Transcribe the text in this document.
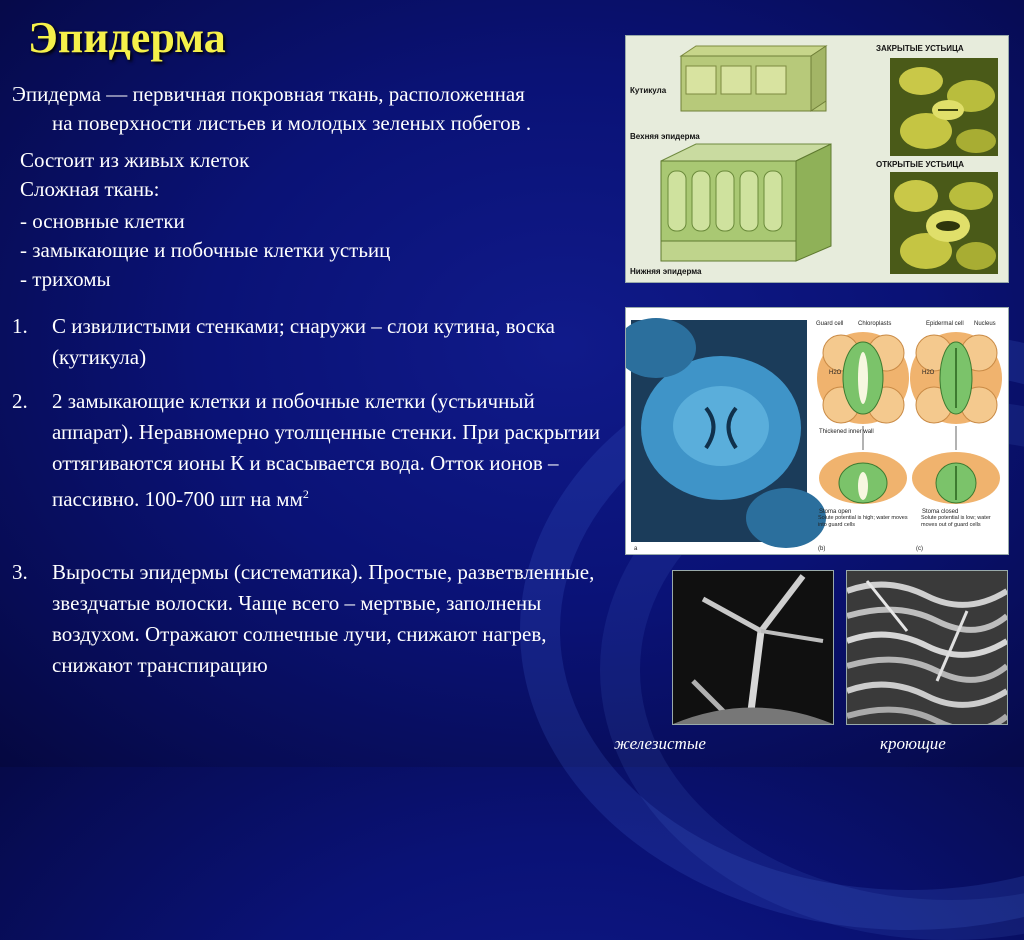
Эпидерма
Эпидерма — первичная покровная ткань, расположенная
на поверхности листьев и молодых зеленых побегов .
Состоит из живых клеток
Сложная ткань:
- основные клетки
- замыкающие и побочные клетки устьиц
- трихомы
1. С извилистыми стенками; снаружи – слои кутина, воска (кутикула)
2. 2 замыкающие клетки и побочные клетки (устьичный аппарат). Неравномерно утолщенные стенки. При раскрытии оттягиваются ионы К и всасывается вода. Отток ионов – пассивно. 100-700 шт на $мм^2$
3. Выросты эпидермы (систематика). Простые, разветвленные, звездчатые волоски. Чаще всего – мертвые, заполнены воздухом. Отражают солнечные лучи, снижают нагрев, снижают транспирацию
Кутикула
Вехняя эпидерма
Нижняя эпидерма
ЗАКРЫТЫЕ УСТЬИЦА
ОТКРЫТЫЕ УСТЬИЦА
a
Guard cell Chloroplasts	Epidermal cell Nucleus
Thickened inner wall
H2O	H2O
Stoma open	Stoma closed
Solute potential is high; water moves into guard cells
Solute potential is low; water moves out of guard cells
(b)	(c)
железистые	кроющие
